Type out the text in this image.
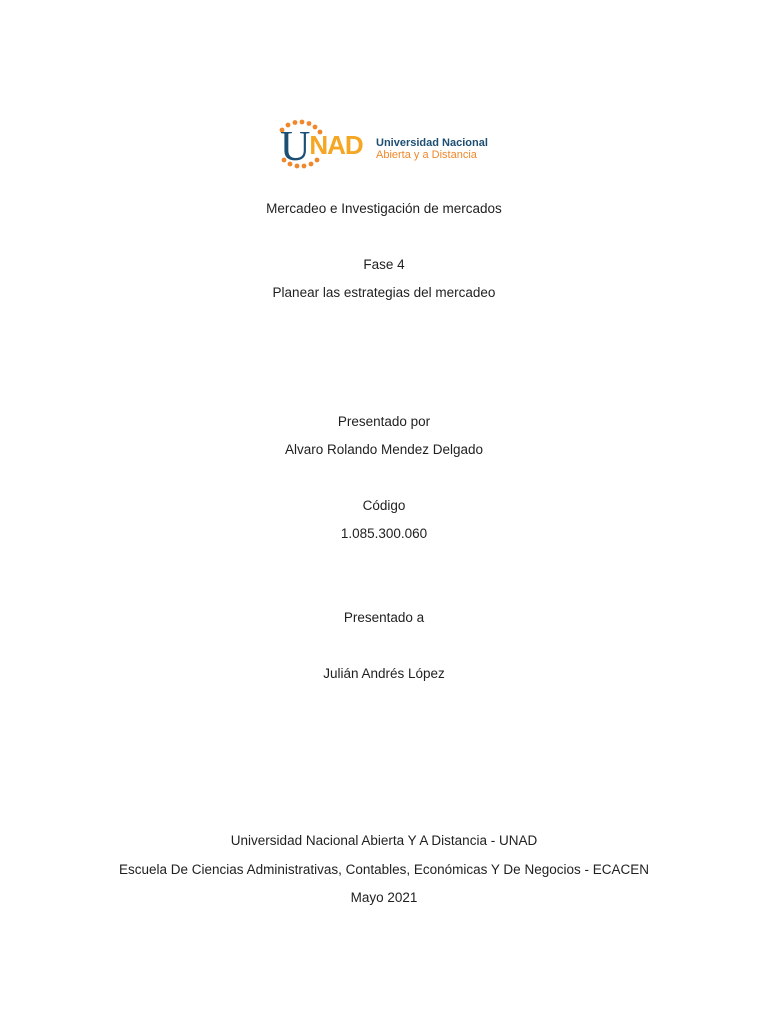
UNAD Universidad Nacional
Abierta y a Distancia
Mercadeo e Investigación de mercados
Fase 4
Planear las estrategias del mercadeo
Presentado por
Alvaro Rolando Mendez Delgado
Código
1.085.300.060
Presentado a
Julián Andrés López
Universidad Nacional Abierta Y A Distancia - UNAD
Escuela De Ciencias Administrativas, Contables, Económicas Y De Negocios - ECACEN
Mayo 2021
